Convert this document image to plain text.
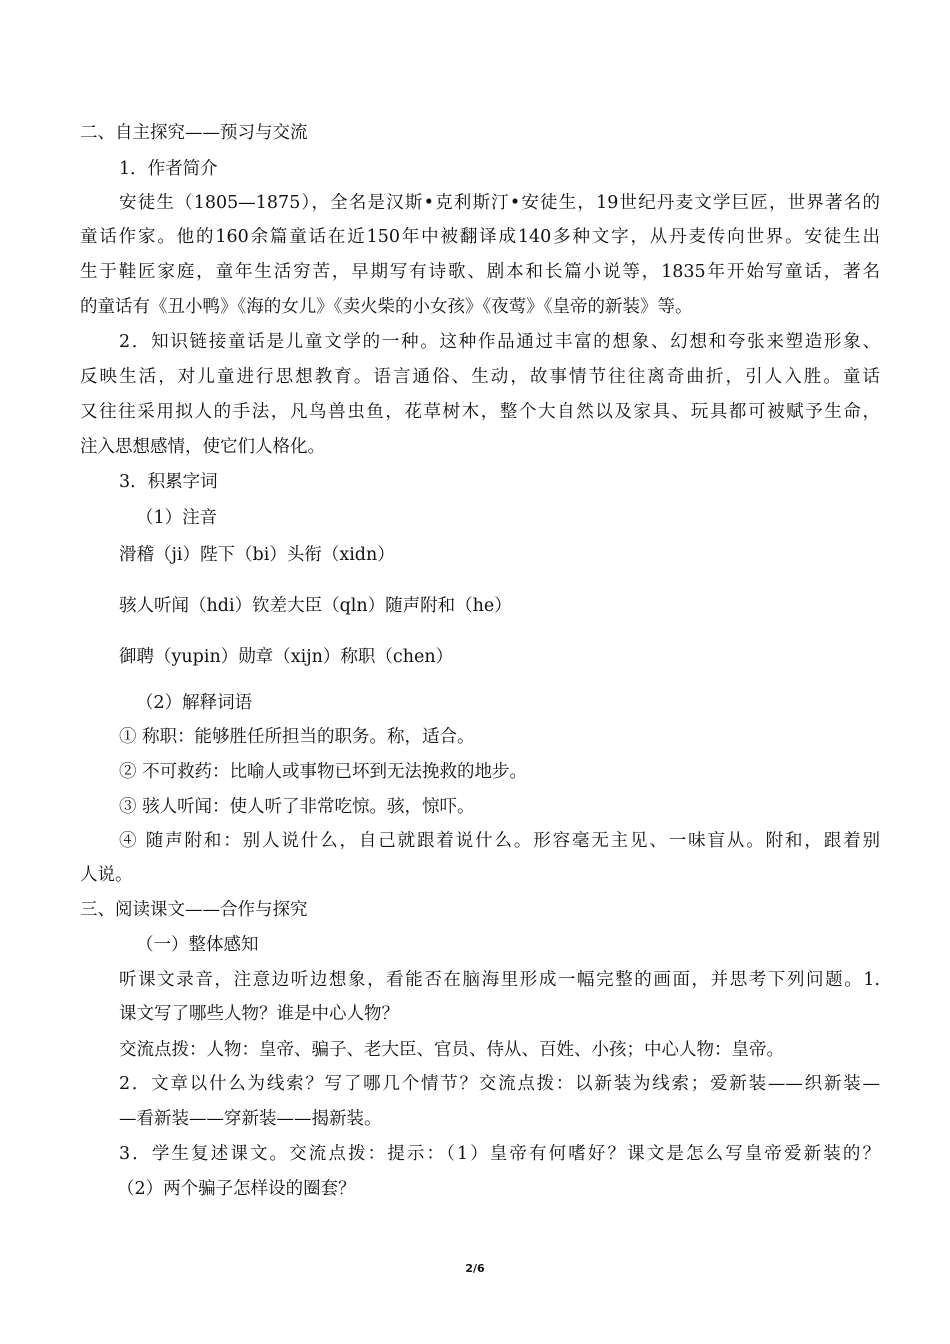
二、自主探究——预习与交流

1．作者简介

安徒生（1805—1875），全名是汉斯•克利斯汀•安徒生，19世纪丹麦文学巨匠，世界著名的

童话作家。他的160余篇童话在近150年中被翻译成140多种文字，从丹麦传向世界。安徒生出

生于鞋匠家庭，童年生活穷苦，早期写有诗歌、剧本和长篇小说等，1835年开始写童话，著名

的童话有《丑小鸭》《海的女儿》《卖火柴的小女孩》《夜莺》《皇帝的新装》等。

2．知识链接童话是儿童文学的一种。这种作品通过丰富的想象、幻想和夸张来塑造形象、

反映生活，对儿童进行思想教育。语言通俗、生动，故事情节往往离奇曲折，引人入胜。童话

又往往采用拟人的手法，凡鸟兽虫鱼，花草树木，整个大自然以及家具、玩具都可被赋予生命，

注入思想感情，使它们人格化。

3．积累字词

（1）注音

滑稽（ji）陛下（bi）头衔（xidn）

骇人听闻（hdi）钦差大臣（qln）随声附和（he）

御聘（yupin）勋章（xijn）称职（chen）

（2）解释词语

① 称职：能够胜任所担当的职务。称，适合。

② 不可救药：比喻人或事物已坏到无法挽救的地步。

③ 骇人听闻：使人听了非常吃惊。骇，惊吓。

④ 随声附和：别人说什么，自己就跟着说什么。形容毫无主见、一味盲从。附和，跟着别

人说。

三、阅读课文——合作与探究

（一）整体感知

听课文录音，注意边听边想象，看能否在脑海里形成一幅完整的画面，并思考下列问题。1.

课文写了哪些人物？谁是中心人物？

交流点拨：人物：皇帝、骗子、老大臣、官员、侍从、百姓、小孩；中心人物：皇帝。

2．文章以什么为线索？写了哪几个情节？交流点拨：以新装为线索；爱新装——织新装—

—看新装——穿新装——揭新装。

3．学生复述课文。交流点拨：提示：（1）皇帝有何嗜好？课文是怎么写皇帝爱新装的？

（2）两个骗子怎样设的圈套？

2/6
